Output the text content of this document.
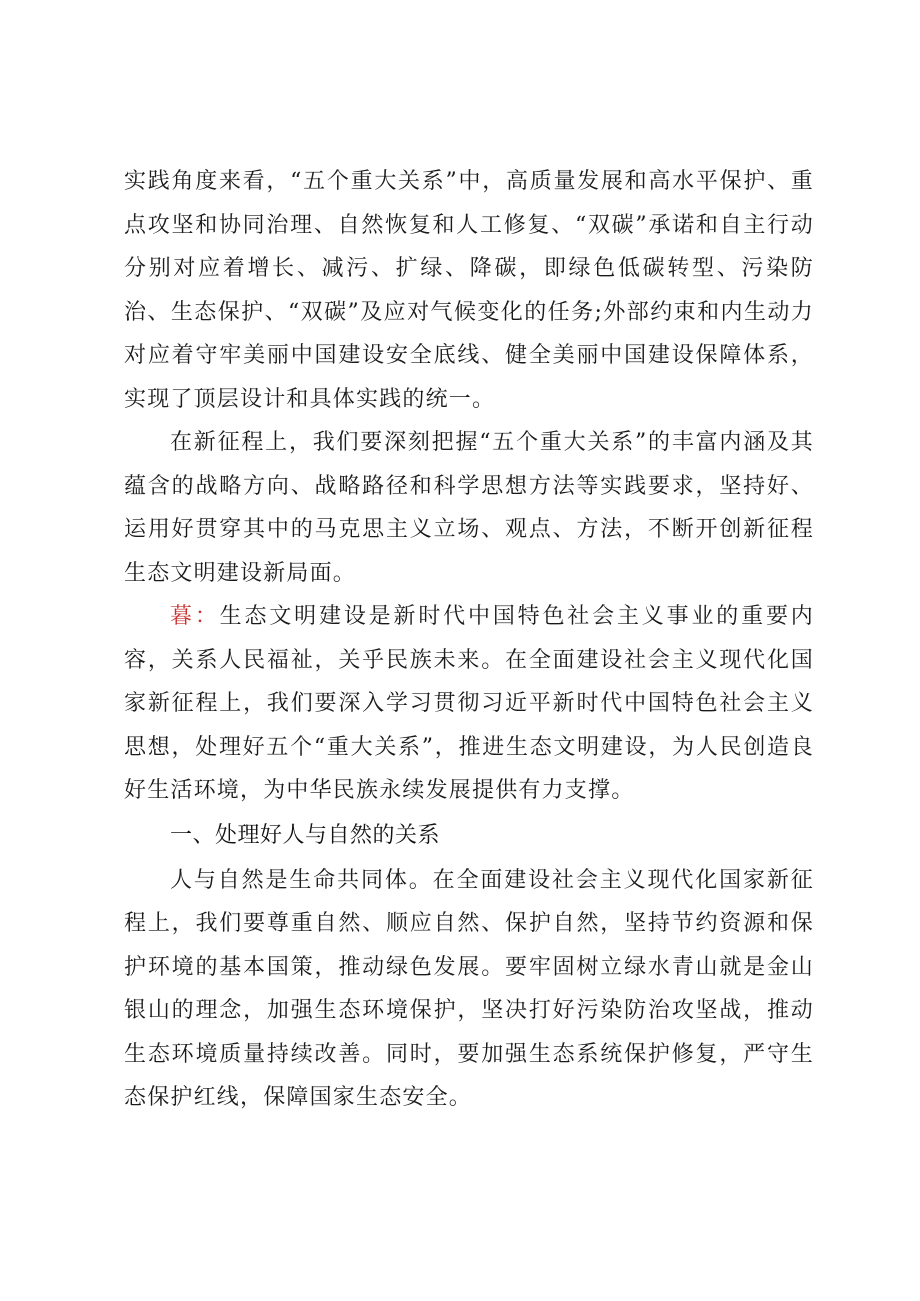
实践角度来看，“五个重大关系”中，高质量发展和高水平保护、重点攻坚和协同治理、自然恢复和人工修复、“双碳”承诺和自主行动分别对应着增长、减污、扩绿、降碳，即绿色低碳转型、污染防治、生态保护、“双碳”及应对气候变化的任务;外部约束和内生动力对应着守牢美丽中国建设安全底线、健全美丽中国建设保障体系，实现了顶层设计和具体实践的统一。

在新征程上，我们要深刻把握“五个重大关系”的丰富内涵及其蕴含的战略方向、战略路径和科学思想方法等实践要求，坚持好、运用好贯穿其中的马克思主义立场、观点、方法，不断开创新征程生态文明建设新局面。

暮：生态文明建设是新时代中国特色社会主义事业的重要内容，关系人民福祉，关乎民族未来。在全面建设社会主义现代化国家新征程上，我们要深入学习贯彻习近平新时代中国特色社会主义思想，处理好五个“重大关系”，推进生态文明建设，为人民创造良好生活环境，为中华民族永续发展提供有力支撑。

一、处理好人与自然的关系

人与自然是生命共同体。在全面建设社会主义现代化国家新征程上，我们要尊重自然、顺应自然、保护自然，坚持节约资源和保护环境的基本国策，推动绿色发展。要牢固树立绿水青山就是金山银山的理念，加强生态环境保护，坚决打好污染防治攻坚战，推动生态环境质量持续改善。同时，要加强生态系统保护修复，严守生态保护红线，保障国家生态安全。
